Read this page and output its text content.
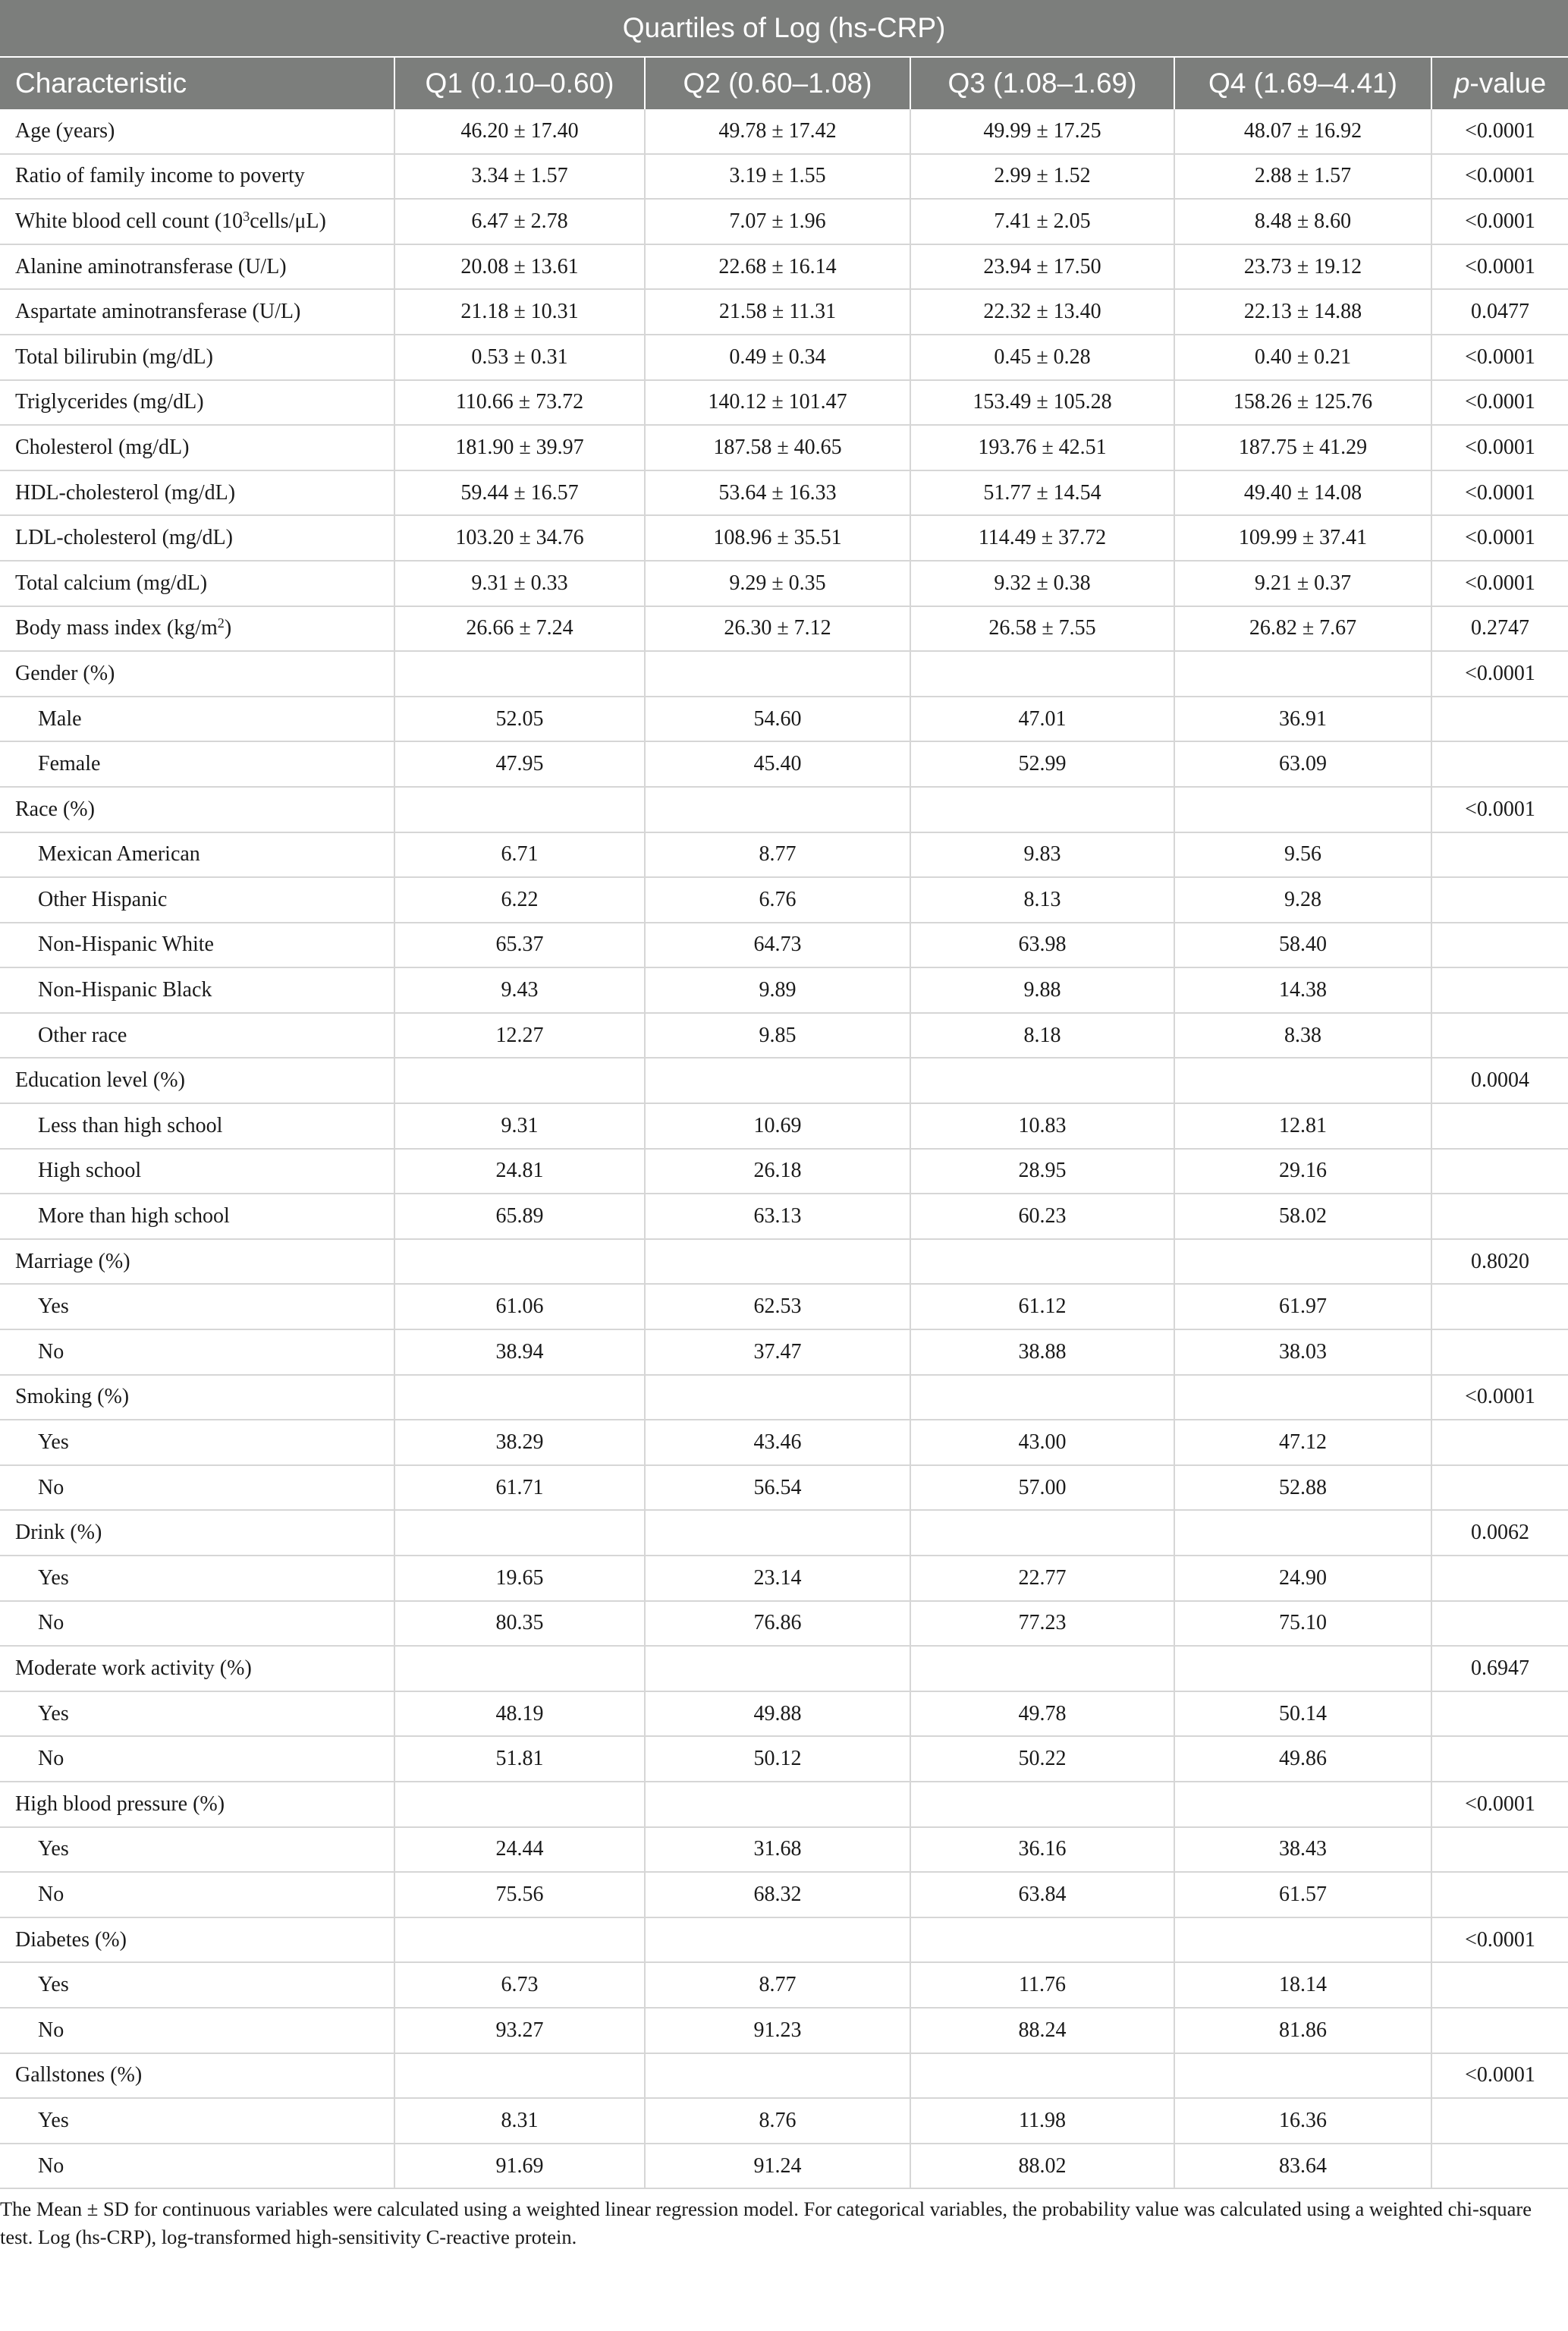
Quartiles of Log (hs-CRP)					
Characteristic	Q1 (0.10–0.60)	Q2 (0.60–1.08)	Q3 (1.08–1.69)	Q4 (1.69–4.41)	p-value
Age (years)	46.20 ± 17.40	49.78 ± 17.42	49.99 ± 17.25	48.07 ± 16.92	<0.0001
Ratio of family income to poverty	3.34 ± 1.57	3.19 ± 1.55	2.99 ± 1.52	2.88 ± 1.57	<0.0001
White blood cell count $(10^3cells/\mu L)$	6.47 ± 2.78	7.07 ± 1.96	7.41 ± 2.05	8.48 ± 8.60	<0.0001
Alanine aminotransferase (U/L)	20.08 ± 13.61	22.68 ± 16.14	23.94 ± 17.50	23.73 ± 19.12	<0.0001
Aspartate aminotransferase (U/L)	21.18 ± 10.31	21.58 ± 11.31	22.32 ± 13.40	22.13 ± 14.88	0.0477
Total bilirubin (mg/dL)	0.53 ± 0.31	0.49 ± 0.34	0.45 ± 0.28	0.40 ± 0.21	<0.0001
Triglycerides (mg/dL)	110.66 ± 73.72	140.12 ± 101.47	153.49 ± 105.28	158.26 ± 125.76	<0.0001
Cholesterol (mg/dL)	181.90 ± 39.97	187.58 ± 40.65	193.76 ± 42.51	187.75 ± 41.29	<0.0001
HDL-cholesterol (mg/dL)	59.44 ± 16.57	53.64 ± 16.33	51.77 ± 14.54	49.40 ± 14.08	<0.0001
LDL-cholesterol (mg/dL)	103.20 ± 34.76	108.96 ± 35.51	114.49 ± 37.72	109.99 ± 37.41	<0.0001
Total calcium (mg/dL)	9.31 ± 0.33	9.29 ± 0.35	9.32 ± 0.38	9.21 ± 0.37	<0.0001
Body mass index $(kg/m^2)$	26.66 ± 7.24	26.30 ± 7.12	26.58 ± 7.55	26.82 ± 7.67	0.2747
Gender (%)					<0.0001
Male	52.05	54.60	47.01	36.91	
Female	47.95	45.40	52.99	63.09	
Race (%)					<0.0001
Mexican American	6.71	8.77	9.83	9.56	
Other Hispanic	6.22	6.76	8.13	9.28	
Non-Hispanic White	65.37	64.73	63.98	58.40	
Non-Hispanic Black	9.43	9.89	9.88	14.38	
Other race	12.27	9.85	8.18	8.38	
Education level (%)					0.0004
Less than high school	9.31	10.69	10.83	12.81	
High school	24.81	26.18	28.95	29.16	
More than high school	65.89	63.13	60.23	58.02	
Marriage (%)					0.8020
Yes	61.06	62.53	61.12	61.97	
No	38.94	37.47	38.88	38.03	
Smoking (%)					<0.0001
Yes	38.29	43.46	43.00	47.12	
No	61.71	56.54	57.00	52.88	
Drink (%)					0.0062
Yes	19.65	23.14	22.77	24.90	
No	80.35	76.86	77.23	75.10	
Moderate work activity (%)					0.6947
Yes	48.19	49.88	49.78	50.14	
No	51.81	50.12	50.22	49.86	
High blood pressure (%)					<0.0001
Yes	24.44	31.68	36.16	38.43	
No	75.56	68.32	63.84	61.57	
Diabetes (%)					<0.0001
Yes	6.73	8.77	11.76	18.14	
No	93.27	91.23	88.24	81.86	
Gallstones (%)					<0.0001
Yes	8.31	8.76	11.98	16.36	
No	91.69	91.24	88.02	83.64	

The Mean ± SD for continuous variables were calculated using a weighted linear regression model. For categorical variables, the probability value was calculated using a weighted chi-square test. Log (hs-CRP), log-transformed high-sensitivity C-reactive protein.
